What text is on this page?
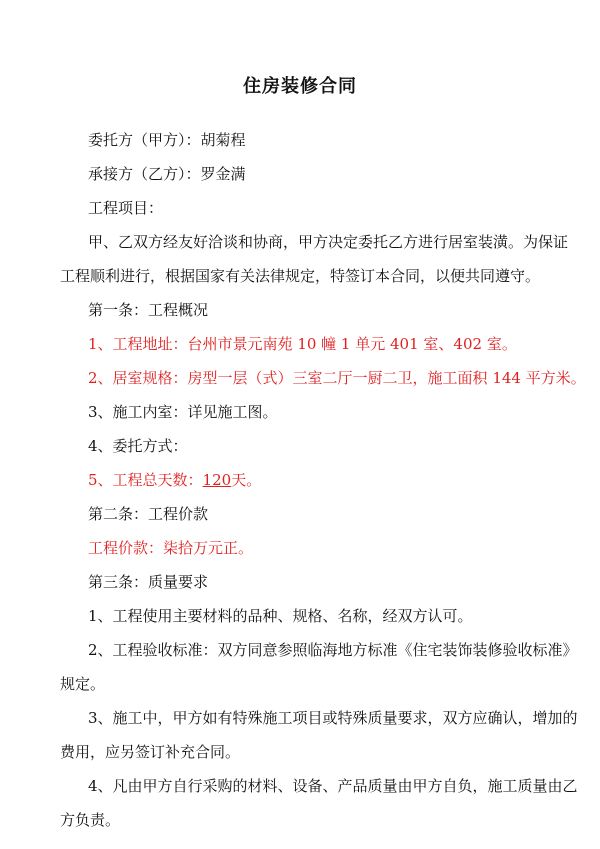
住房装修合同
委托方（甲方）：胡菊程
承接方（乙方）：罗金满
工程项目：
甲、乙双方经友好洽谈和协商，甲方决定委托乙方进行居室装潢。为保证
工程顺利进行，根据国家有关法律规定，特签订本合同，以便共同遵守。
第一条：工程概况
1、工程地址：台州市景元南苑 10 幢 1 单元 401 室、402 室。
2、居室规格：房型一层（式）三室二厅一厨二卫，施工面积 144 平方米。
3、施工内室：详见施工图。
4、委托方式：
5、工程总天数：120天。
第二条：工程价款
工程价款：柒拾万元正。
第三条：质量要求
1、工程使用主要材料的品种、规格、名称，经双方认可。
2、工程验收标准：双方同意参照临海地方标准《住宅装饰装修验收标准》
规定。
3、施工中，甲方如有特殊施工项目或特殊质量要求，双方应确认，增加的
费用，应另签订补充合同。
4、凡由甲方自行采购的材料、设备、产品质量由甲方自负，施工质量由乙
方负责。
